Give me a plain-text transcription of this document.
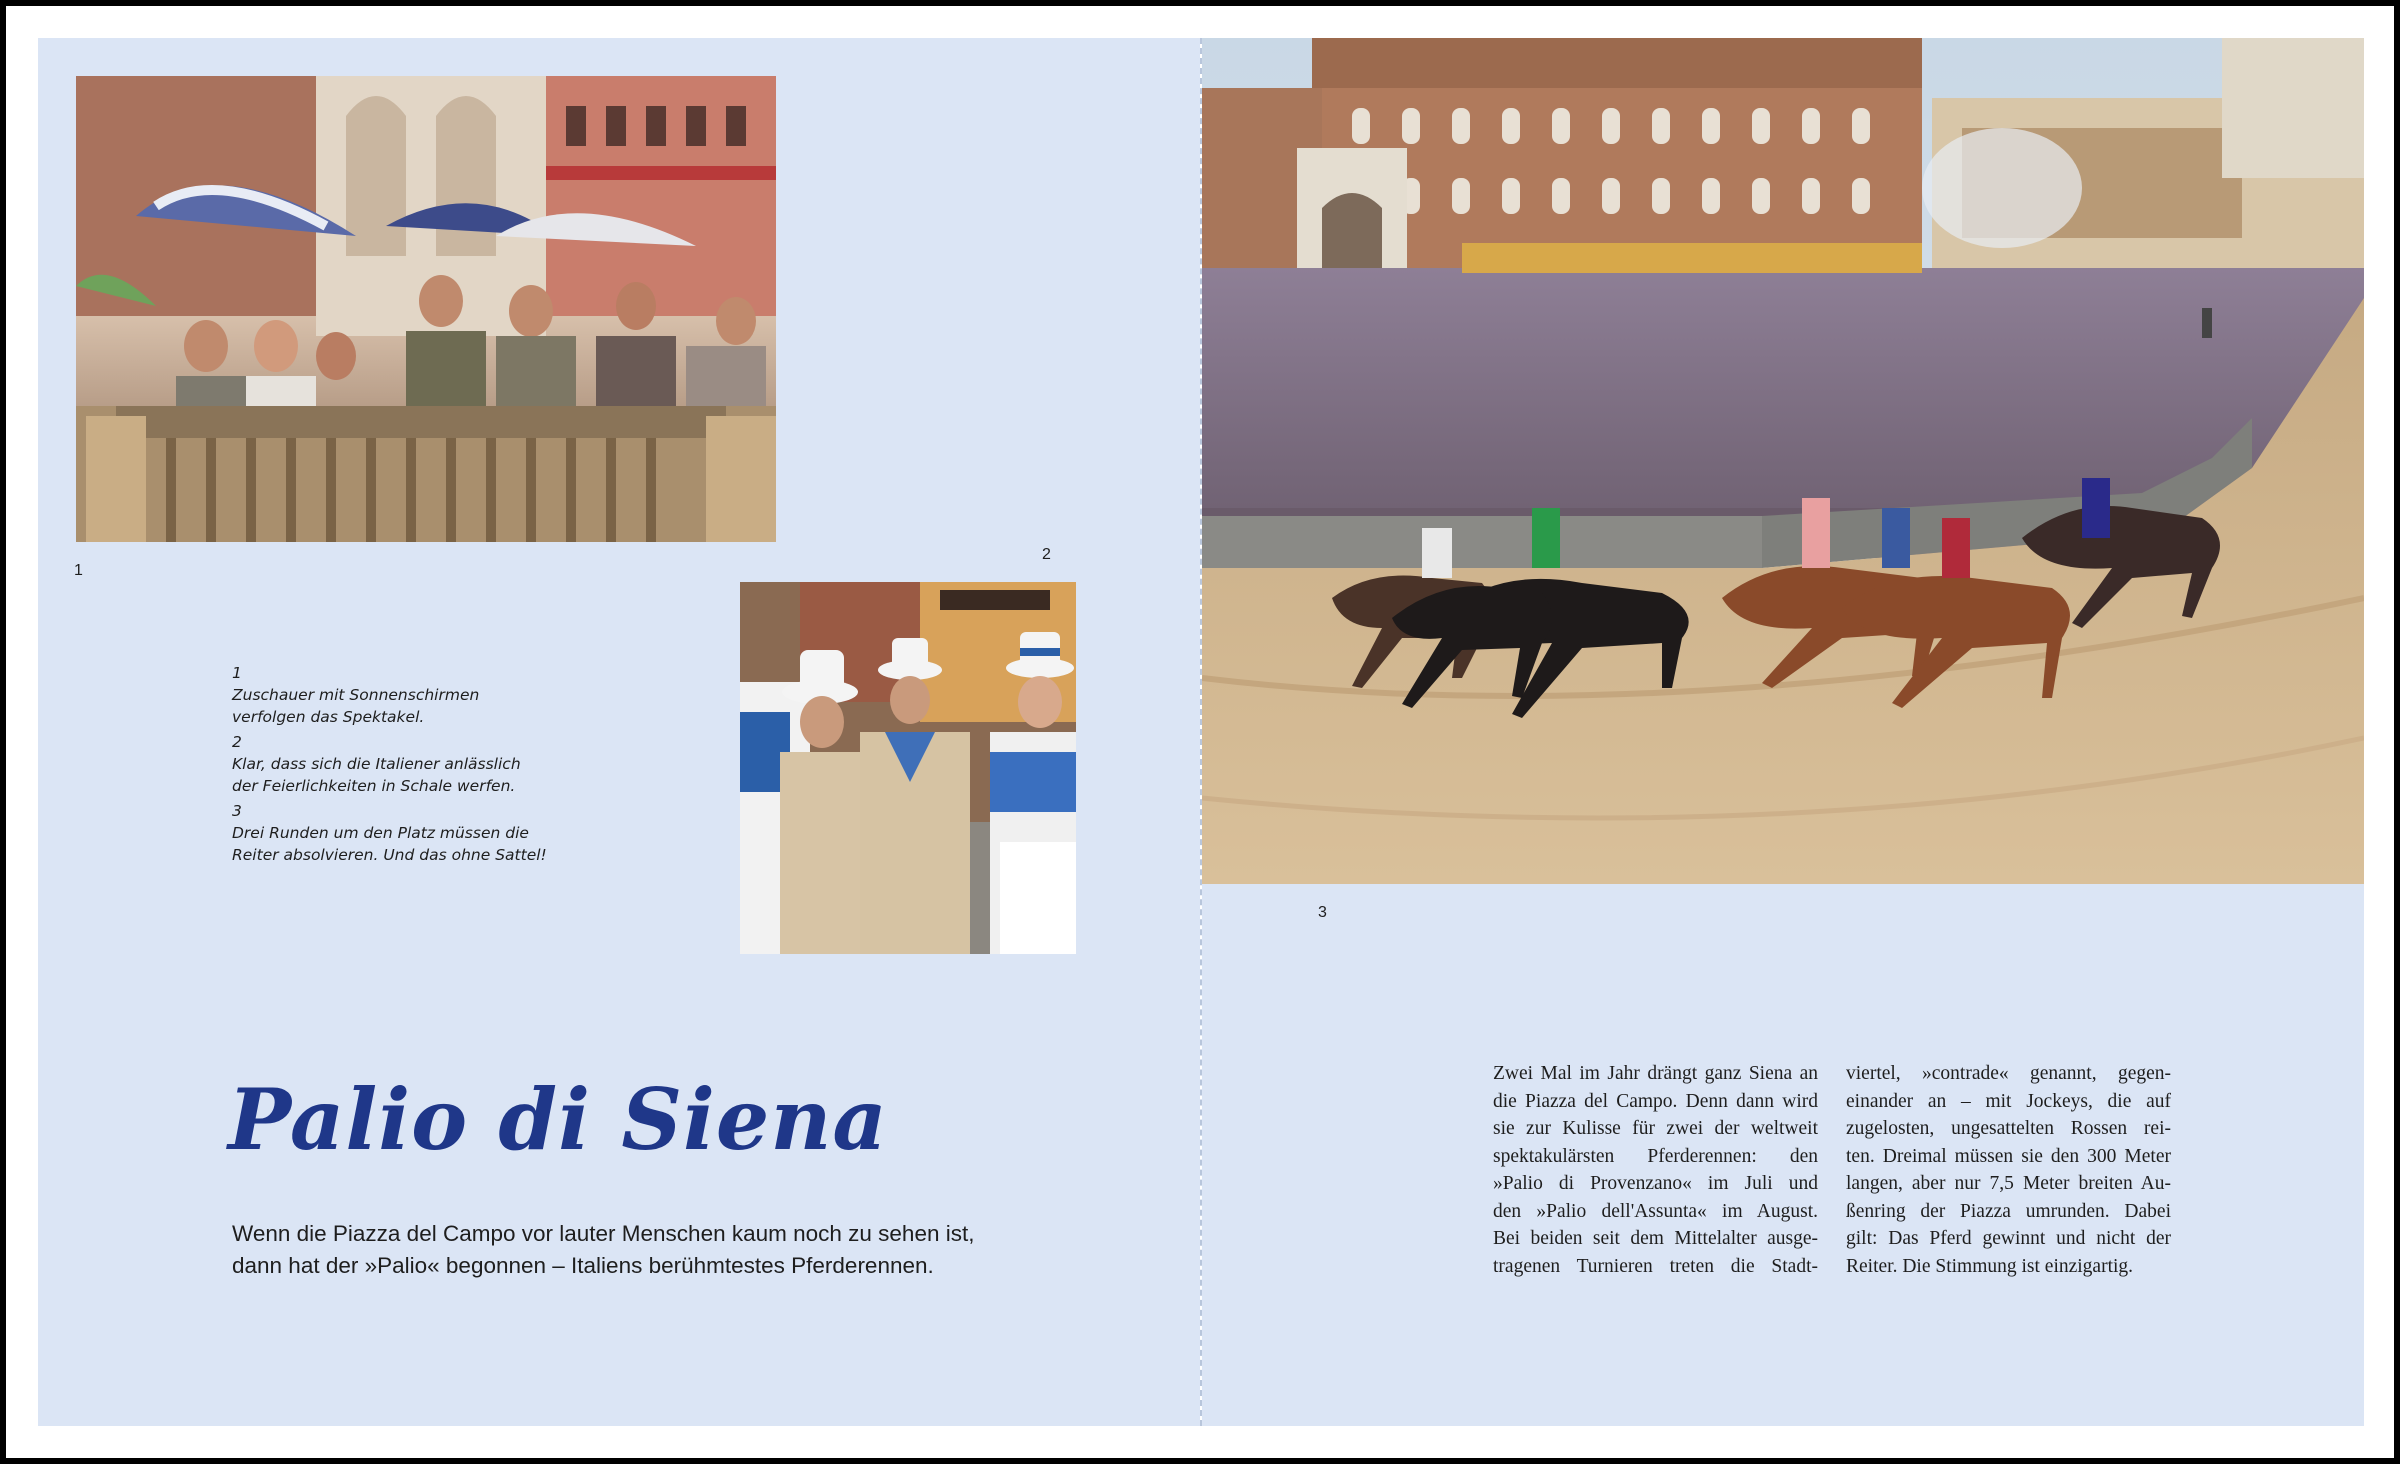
1
2
1
Zuschauer mit Sonnenschirmen
verfolgen das Spektakel.
2
Klar, dass sich die Italiener anlässlich
der Feierlichkeiten in Schale werfen.
3
Drei Runden um den Platz müssen die
Reiter absolvieren. Und das ohne Sattel!
Palio di Siena
Wenn die Piazza del Campo vor lauter Menschen kaum noch zu sehen ist,
dann hat der »Palio« begonnen – Italiens berühmtestes Pferderennen.
3
Zwei Mal im Jahr drängt ganz Siena an
die Piazza del Campo. Denn dann wird
sie zur Kulisse für zwei der weltweit
spektakulärsten Pferderennen: den
»Palio di Provenzano« im Juli und
den »Palio dell'Assunta« im August.
Bei beiden seit dem Mittelalter ausge-
tragenen Turnieren treten die Stadt-
viertel, »contrade« genannt, gegen-
einander an – mit Jockeys, die auf
zugelosten, ungesattelten Rossen rei-
ten. Dreimal müssen sie den 300 Meter
langen, aber nur 7,5 Meter breiten Au-
ßenring der Piazza umrunden. Dabei
gilt: Das Pferd gewinnt und nicht der
Reiter. Die Stimmung ist einzigartig.
